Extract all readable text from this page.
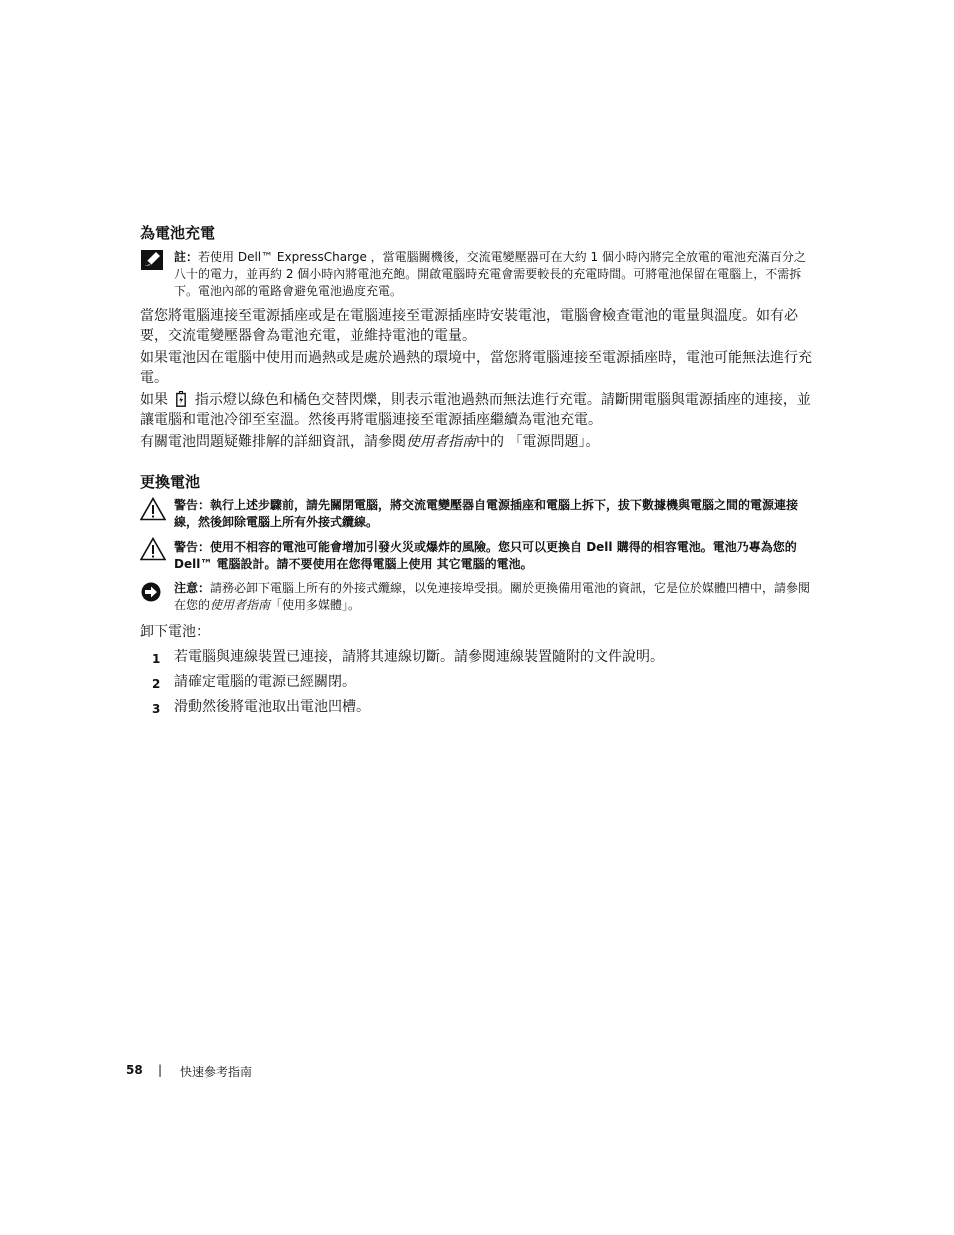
為電池充電
註：若使用 Dell™ ExpressCharge ，當電腦關機後，交流電變壓器可在大約 1 個小時內將完全放電的電池充滿百分之八十的電力，並再約 2 個小時內將電池充飽。開啟電腦時充電會需要較長的充電時間。可將電池保留在電腦上，不需拆下。電池內部的電路會避免電池過度充電。
當您將電腦連接至電源插座或是在電腦連接至電源插座時安裝電池，電腦會檢查電池的電量與溫度。如有必要，交流電變壓器會為電池充電，並維持電池的電量。
如果電池因在電腦中使用而過熱或是處於過熱的環境中，當您將電腦連接至電源插座時，電池可能無法進行充電。
如果 指示燈以綠色和橘色交替閃爍，則表示電池過熱而無法進行充電。請斷開電腦與電源插座的連接，並讓電腦和電池冷卻至室溫。然後再將電腦連接至電源插座繼續為電池充電。
有關電池問題疑難排解的詳細資訊，請參閱使用者指南中的 「電源問題」。
更換電池
警告：執行上述步驟前，請先關閉電腦，將交流電變壓器自電源插座和電腦上拆下，拔下數據機與電腦之間的電源連接線，然後卸除電腦上所有外接式纜線。
警告：使用不相容的電池可能會增加引發火災或爆炸的風險。您只可以更換自 Dell 購得的相容電池。電池乃專為您的 Dell™ 電腦設計。請不要使用在您得電腦上使用 其它電腦的電池。
注意：請務必卸下電腦上所有的外接式纜線，以免連接埠受損。關於更換備用電池的資訊，它是位於媒體凹槽中，請參閱在您的使用者指南「使用多媒體」。
卸下電池：
1 若電腦與連線裝置已連接，請將其連線切斷。請參閱連線裝置隨附的文件說明。
2 請確定電腦的電源已經關閉。
3 滑動然後將電池取出電池凹槽。
58 | 快速參考指南
